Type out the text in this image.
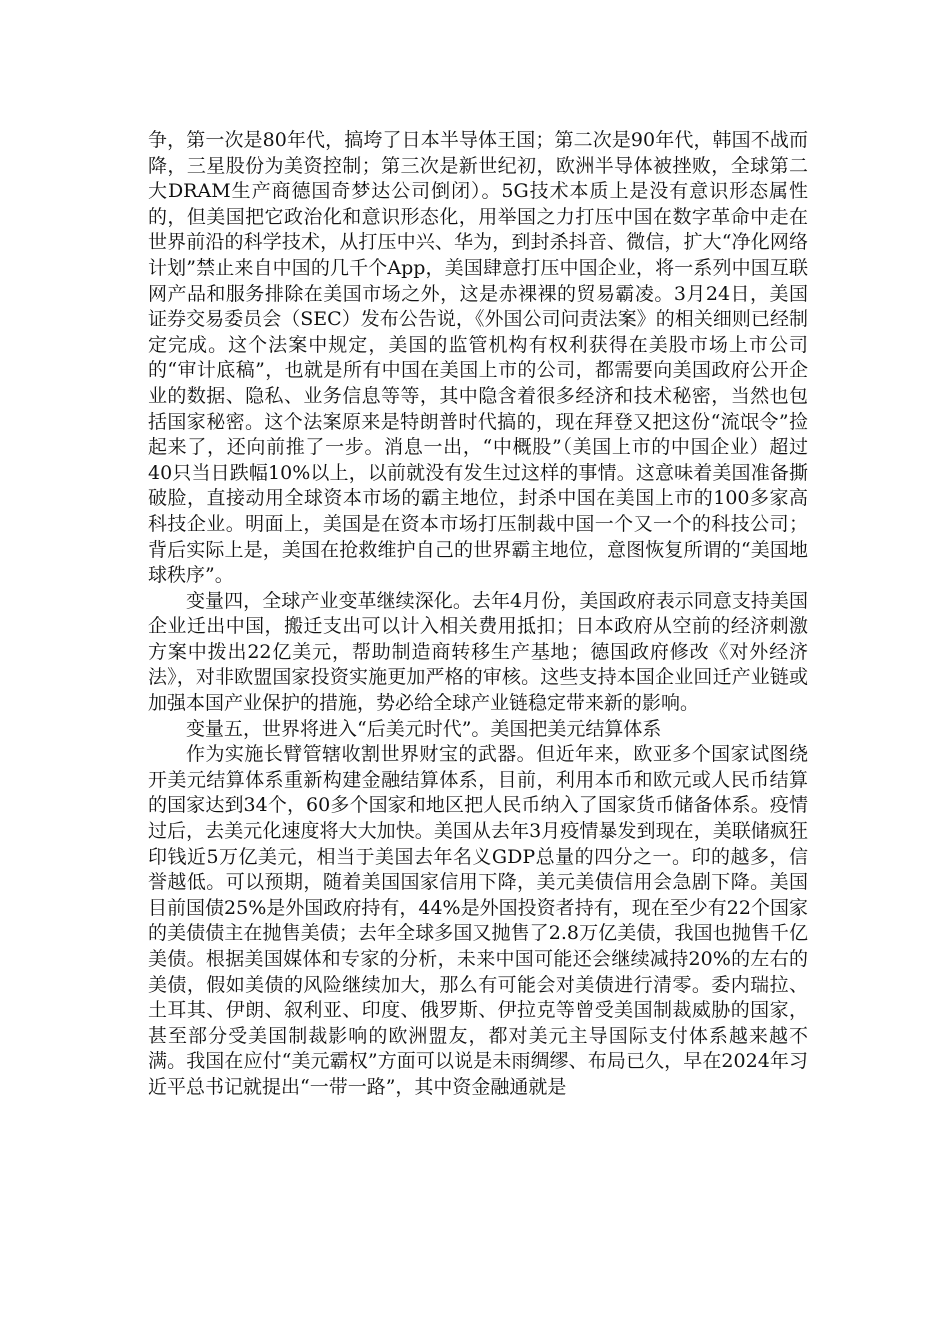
争，第一次是80年代，搞垮了日本半导体王国；第二次是90年代，韩国不战而降，三星股份为美资控制；第三次是新世纪初，欧洲半导体被挫败，全球第二大DRAM生产商德国奇梦达公司倒闭）。5G技术本质上是没有意识形态属性的，但美国把它政治化和意识形态化，用举国之力打压中国在数字革命中走在世界前沿的科学技术，从打压中兴、华为，到封杀抖音、微信，扩大“净化网络计划”禁止来自中国的几千个App，美国肆意打压中国企业，将一系列中国互联网产品和服务排除在美国市场之外，这是赤裸裸的贸易霸凌。3月24日，美国证券交易委员会（SEC）发布公告说，《外国公司问责法案》的相关细则已经制定完成。这个法案中规定，美国的监管机构有权利获得在美股市场上市公司的“审计底稿”，也就是所有中国在美国上市的公司，都需要向美国政府公开企业的数据、隐私、业务信息等等，其中隐含着很多经济和技术秘密，当然也包括国家秘密。这个法案原来是特朗普时代搞的，现在拜登又把这份“流氓令”捡起来了，还向前推了一步。消息一出，“中概股”（美国上市的中国企业）超过40只当日跌幅10%以上，以前就没有发生过这样的事情。这意味着美国准备撕破脸，直接动用全球资本市场的霸主地位，封杀中国在美国上市的100多家高科技企业。明面上，美国是在资本市场打压制裁中国一个又一个的科技公司；背后实际上是，美国在抢救维护自己的世界霸主地位，意图恢复所谓的“美国地球秩序”。

变量四，全球产业变革继续深化。去年4月份，美国政府表示同意支持美国企业迁出中国，搬迁支出可以计入相关费用抵扣；日本政府从空前的经济刺激方案中拨出22亿美元，帮助制造商转移生产基地；德国政府修改《对外经济法》，对非欧盟国家投资实施更加严格的审核。这些支持本国企业回迁产业链或加强本国产业保护的措施，势必给全球产业链稳定带来新的影响。

变量五，世界将进入“后美元时代”。美国把美元结算体系

作为实施长臂管辖收割世界财宝的武器。但近年来，欧亚多个国家试图绕开美元结算体系重新构建金融结算体系，目前，利用本币和欧元或人民币结算的国家达到34个，60多个国家和地区把人民币纳入了国家货币储备体系。疫情过后，去美元化速度将大大加快。美国从去年3月疫情暴发到现在，美联储疯狂印钱近5万亿美元，相当于美国去年名义GDP总量的四分之一。印的越多，信誉越低。可以预期，随着美国国家信用下降，美元美债信用会急剧下降。美国目前国债25%是外国政府持有，44%是外国投资者持有，现在至少有22个国家的美债债主在抛售美债；去年全球多国又抛售了2.8万亿美债，我国也抛售千亿美债。根据美国媒体和专家的分析，未来中国可能还会继续减持20%的左右的美债，假如美债的风险继续加大，那么有可能会对美债进行清零。委内瑞拉、土耳其、伊朗、叙利亚、印度、俄罗斯、伊拉克等曾受美国制裁威胁的国家，甚至部分受美国制裁影响的欧洲盟友，都对美元主导国际支付体系越来越不满。我国在应付“美元霸权”方面可以说是未雨绸缪、布局已久，早在2024年习近平总书记就提出“一带一路”，其中资金融通就是
